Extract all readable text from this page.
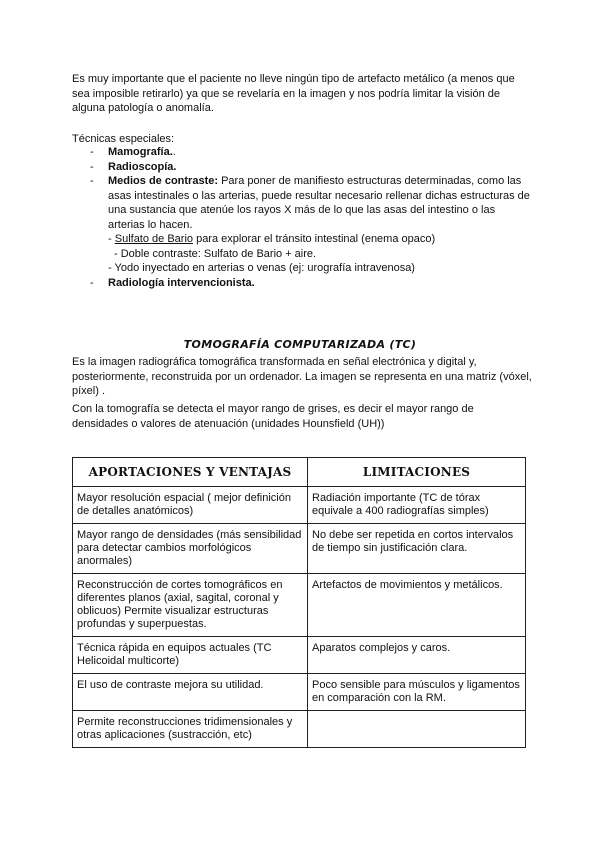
Es muy importante que el paciente no lleve ningún tipo de artefacto metálico (a menos que sea imposible retirarlo) ya que se revelaría en la imagen y nos podría limitar la visión de alguna patología o anomalía.
Técnicas especiales:
- Mamografía..
- Radioscopía.
- Medios de contraste: Para poner de manifiesto estructuras determinadas, como las asas intestinales o las arterias, puede resultar necesario rellenar dichas estructuras de una sustancia que atenúe los rayos X más de lo que las asas del intestino o las arterias lo hacen.
- Sulfato de Bario para explorar el tránsito intestinal (enema opaco)
- Doble contraste: Sulfato de Bario + aire.
- Yodo inyectado en arterias o venas (ej: urografía intravenosa)
- Radiología intervencionista.
TOMOGRAFÍA COMPUTARIZADA (TC)
Es la imagen radiográfica tomográfica transformada en señal electrónica y digital y, posteriormente, reconstruida por un ordenador. La imagen se representa en una matriz (vóxel, píxel) .
Con la tomografía se detecta el mayor rango de grises, es decir el mayor rango de densidades o valores de atenuación (unidades Hounsfield (UH))
APORTACIONES Y VENTAJAS	LIMITACIONES
Mayor resolución espacial ( mejor definición de detalles anatómicos)	Radiación importante (TC de tórax equivale a 400 radiografías simples)
Mayor rango de densidades (más sensibilidad para detectar cambios morfológicos anormales)	No debe ser repetida en cortos intervalos de tiempo sin justificación clara.
Reconstrucción de cortes tomográficos en diferentes planos (axial, sagital, coronal y oblicuos) Permite visualizar estructuras profundas y superpuestas.	Artefactos de movimientos y metálicos.
Técnica rápida en equipos actuales (TC Helicoidal multicorte)	Aparatos complejos y caros.
El uso de contraste mejora su utilidad.	Poco sensible para músculos y ligamentos en comparación con la RM.
Permite reconstrucciones tridimensionales y otras aplicaciones (sustracción, etc)	
